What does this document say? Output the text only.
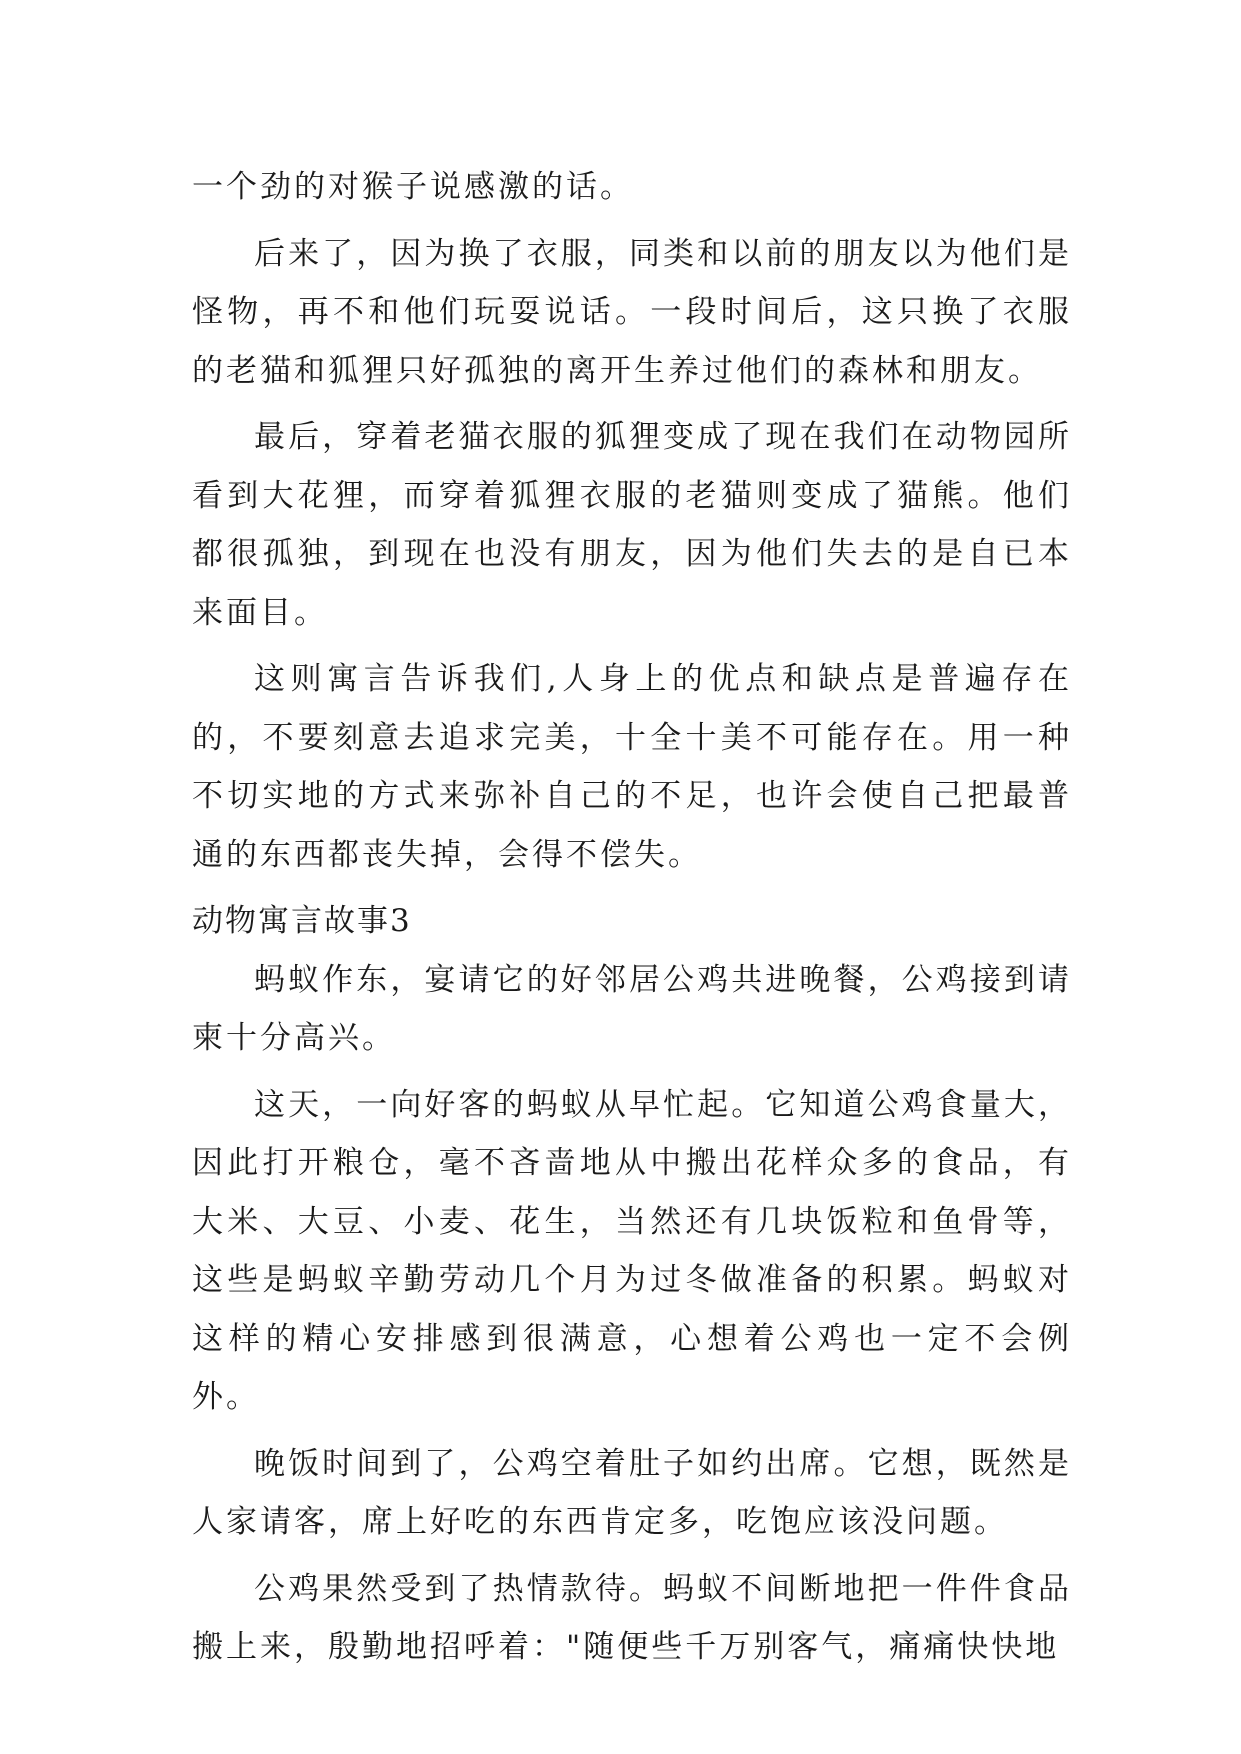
一个劲的对猴子说感激的话。

后来了，因为换了衣服，同类和以前的朋友以为他们是怪物，再不和他们玩耍说话。一段时间后，这只换了衣服的老猫和狐狸只好孤独的离开生养过他们的森林和朋友。

最后，穿着老猫衣服的狐狸变成了现在我们在动物园所看到大花狸，而穿着狐狸衣服的老猫则变成了猫熊。他们都很孤独，到现在也没有朋友，因为他们失去的是自已本来面目。

这则寓言告诉我们,人身上的优点和缺点是普遍存在的，不要刻意去追求完美，十全十美不可能存在。用一种不切实地的方式来弥补自己的不足，也许会使自己把最普通的东西都丧失掉，会得不偿失。

动物寓言故事3

蚂蚁作东，宴请它的好邻居公鸡共进晚餐，公鸡接到请柬十分高兴。

这天，一向好客的蚂蚁从早忙起。它知道公鸡食量大，因此打开粮仓，毫不吝啬地从中搬出花样众多的食品，有大米、大豆、小麦、花生，当然还有几块饭粒和鱼骨等，这些是蚂蚁辛勤劳动几个月为过冬做准备的积累。蚂蚁对这样的精心安排感到很满意，心想着公鸡也一定不会例外。

晚饭时间到了，公鸡空着肚子如约出席。它想，既然是人家请客，席上好吃的东西肯定多，吃饱应该没问题。

公鸡果然受到了热情款待。蚂蚁不间断地把一件件食品搬上来，殷勤地招呼着："随便些千万别客气，痛痛快快地
